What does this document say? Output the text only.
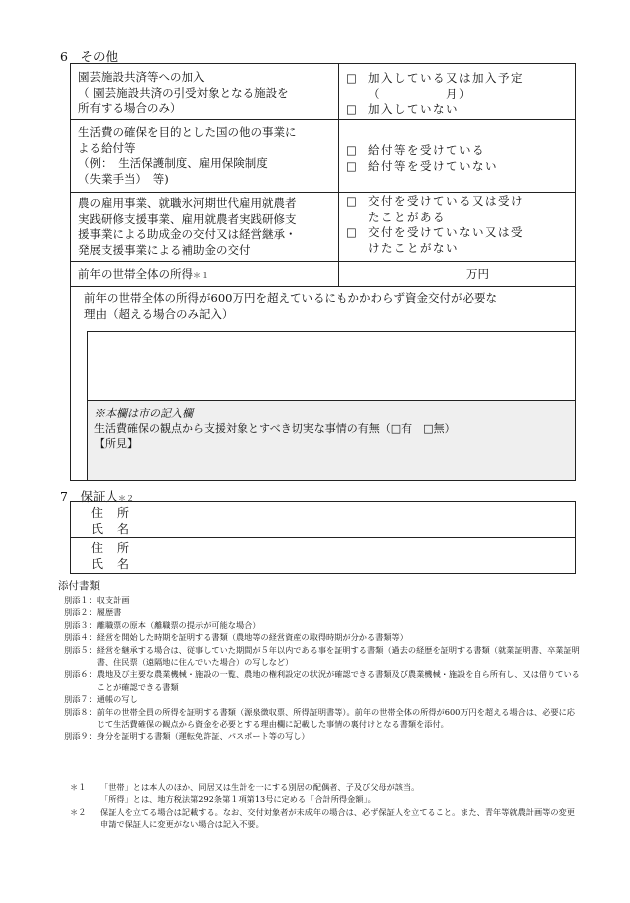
6　その他
園芸施設共済等への加入
（ 園芸施設共済の引受対象となる施設を
所有する場合のみ）
□ 加入している又は加入予定
（　　　　　月）
□ 加入していない
生活費の確保を目的とした国の他の事業に
よる給付等
（例：　生活保護制度、雇用保険制度
（失業手当）　等)
□ 給付等を受けている
□ 給付等を受けていない
農の雇用事業、就職氷河期世代雇用就農者
実践研修支援事業、雇用就農者実践研修支
援事業による助成金の交付又は経営継承・
発展支援事業による補助金の交付
□ 交付を受けている又は受け
たことがある
□ 交付を受けていない又は受
けたことがない
前年の世帯全体の所得＊１	万円
前年の世帯全体の所得が600万円を超えているにもかかわらず資金交付が必要な
理由（超える場合のみ記入）
※本欄は市の記入欄
生活費確保の観点から支援対象とすべき切実な事情の有無（□有　□無）
【所見】
7　保証人＊２
住　所
氏　名
住　所
氏　名
添付書類
別添１： 収支計画
別添２： 履歴書
別添３： 離職票の原本（離職票の提示が可能な場合）
別添４： 経営を開始した時期を証明する書類（農地等の経営資産の取得時期が分かる書類等）
別添５： 経営を継承する場合は、従事していた期間が５年以内である事を証明する書類（過去の経歴を証明する書類（就業証明書、卒業証明書、住民票（遠隔地に住んでいた場合）の写しなど）
別添６： 農地及び主要な農業機械・施設の一覧、農地の権利設定の状況が確認できる書類及び農業機械・施設を自ら所有し、又は借りていることが確認できる書類
別添７： 通帳の写し
別添８： 前年の世帯全員の所得を証明する書類（源泉徴収票、所得証明書等）。前年の世帯全体の所得が600万円を超える場合は、必要に応じて生活費確保の観点から資金を必要とする理由欄に記載した事情の裏付けとなる書類を添付。
別添９： 身分を証明する書類（運転免許証、パスポート等の写し）
＊１　 「世帯」とは本人のほか、同居又は生計を一にする別居の配偶者、子及び父母が該当。
「所得」とは、地方税法第292条第１項第13号に定める「合計所得金額」。
＊２　 保証人を立てる場合は記載する。なお、交付対象者が未成年の場合は、必ず保証人を立てること。また、青年等就農計画等の変更申請で保証人に変更がない場合は記入不要。
